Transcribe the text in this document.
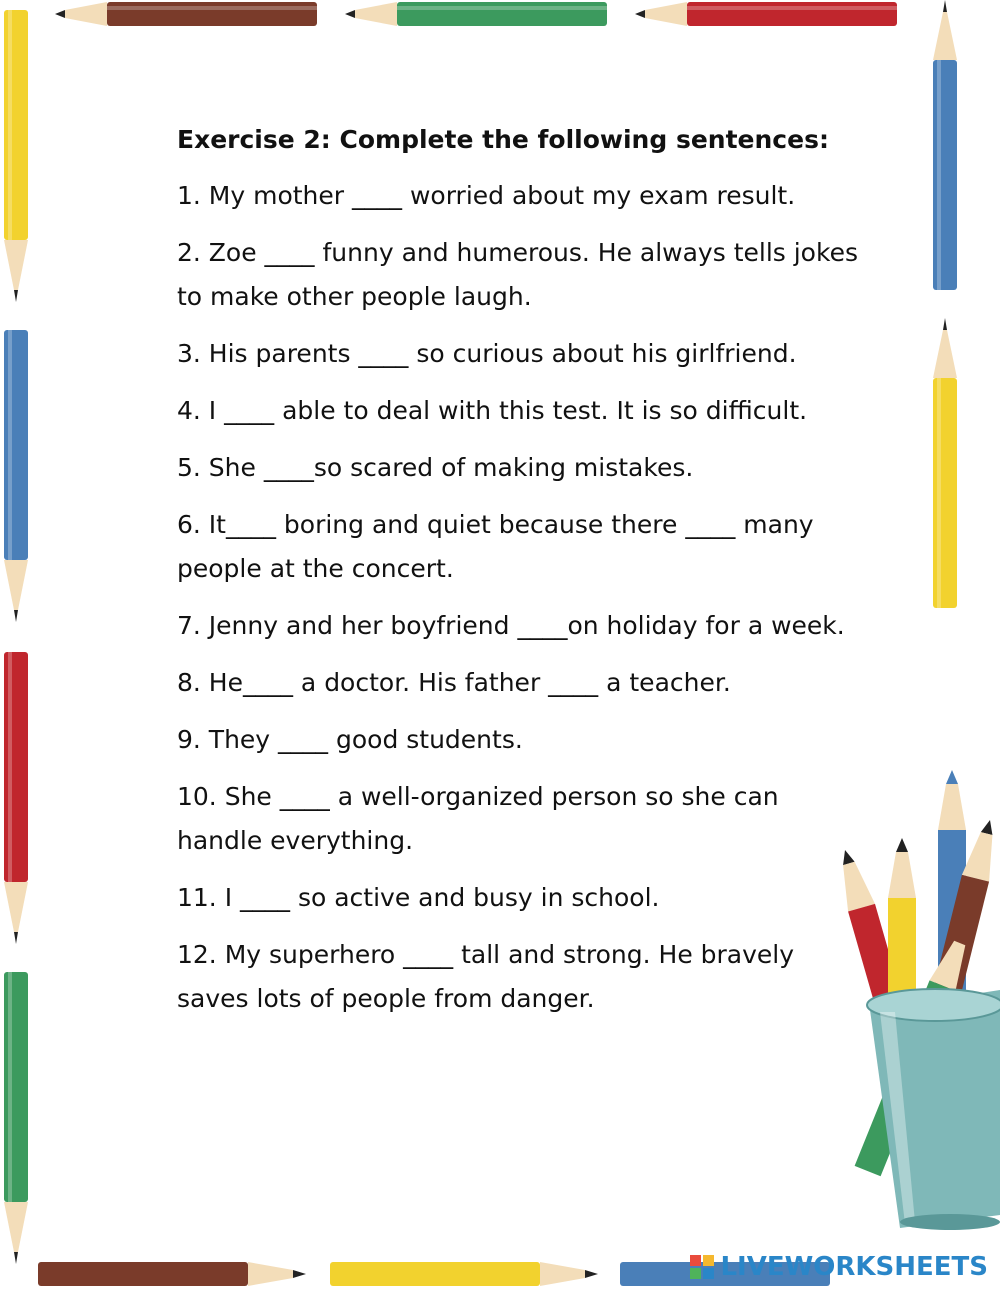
Exercise 2: Complete the following sentences:

1. My mother ____ worried about my exam result.

2. Zoe ____ funny and humerous. He always tells jokes to make other people laugh.

3. His parents ____ so curious about his girlfriend.

4. I ____ able to deal with this test. It is so difficult.

5. She ____so scared of making mistakes.

6. It____ boring and quiet because there ____ many people at the concert.

7. Jenny and her boyfriend ____on holiday for a week.

8. He____ a doctor. His father ____ a teacher.

9. They ____ good students.

10. She ____ a well-organized person so she can handle everything.

11. I ____ so active and busy in school.

12. My superhero ____ tall and strong. He bravely saves lots of people from danger.

LIVEWORKSHEETS
